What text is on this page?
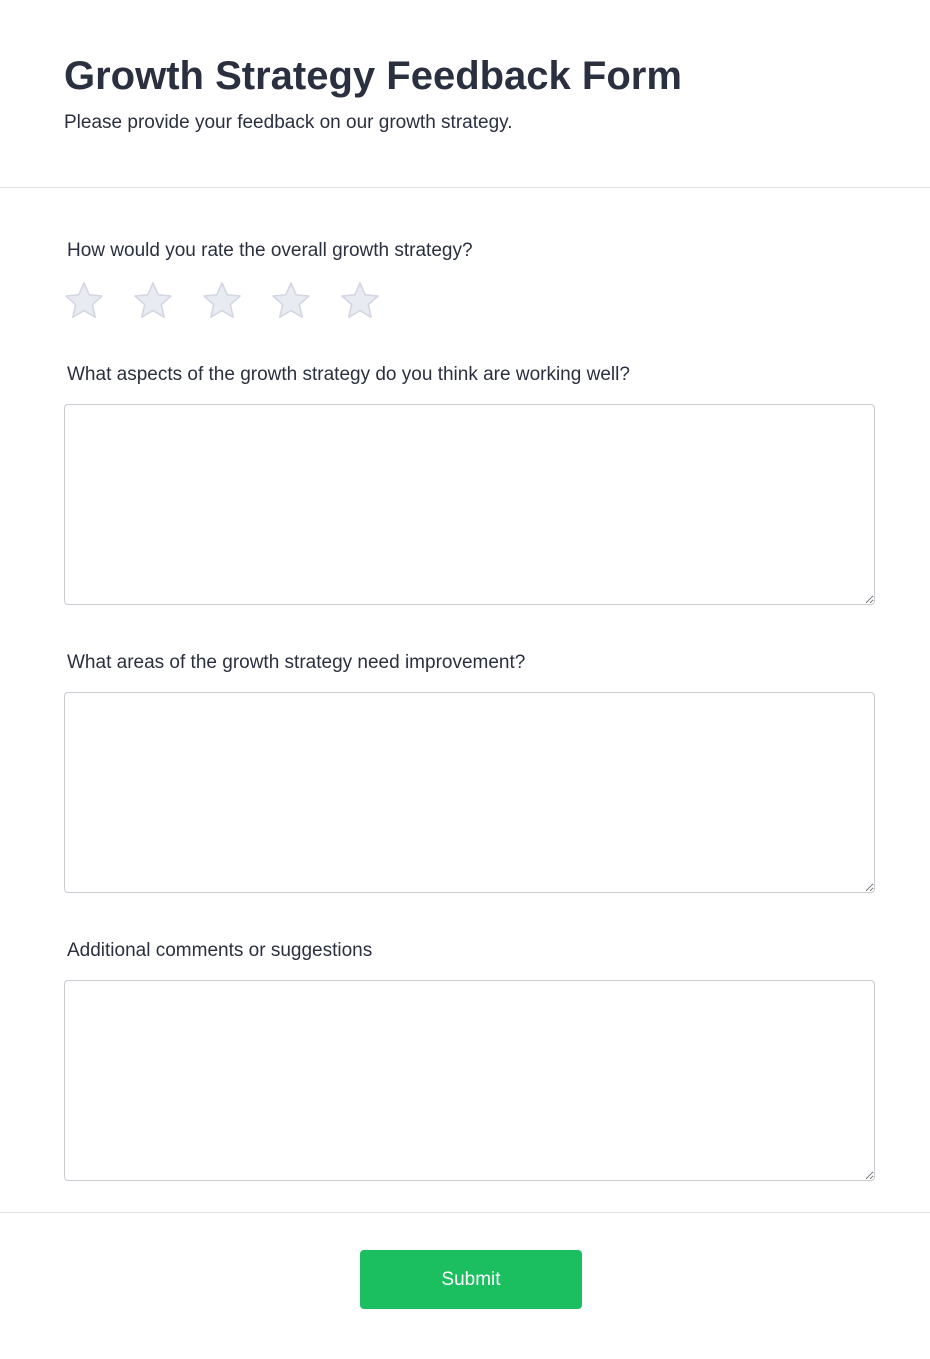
Growth Strategy Feedback Form

Please provide your feedback on our growth strategy.

How would you rate the overall growth strategy?
What aspects of the growth strategy do you think are working well?
What areas of the growth strategy need improvement?
Additional comments or suggestions
Submit
